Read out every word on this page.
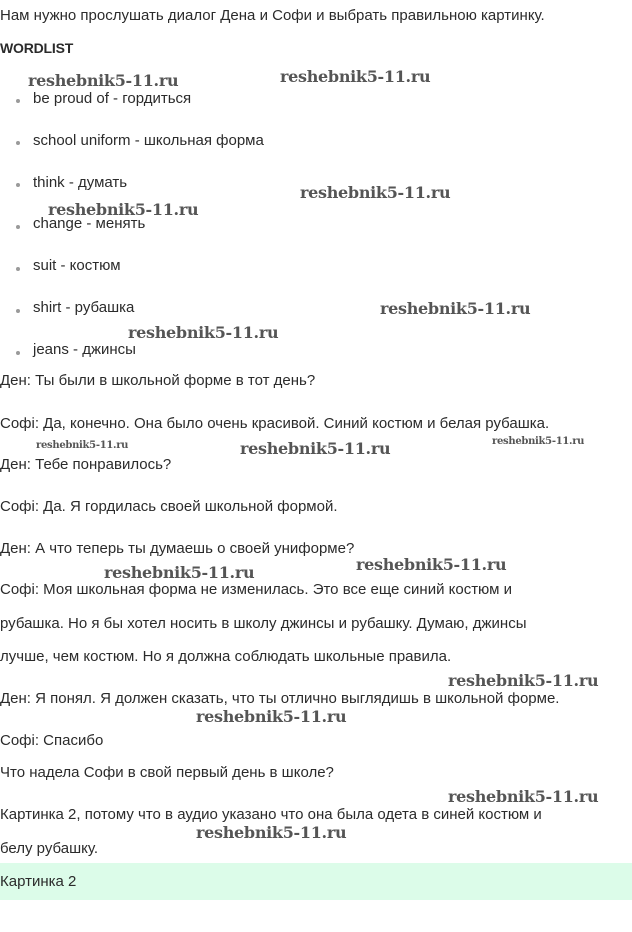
Нам нужно прослушать диалог Дена и Софи и выбрать правильною картинку.
WORDLIST
be proud of - гордиться
school uniform - школьная форма
think - думать
change - менять
suit - костюм
shirt - рубашка
jeans - джинсы
Ден: Ты были в школьной форме в тот день?
Софі: Да, конечно. Она было очень красивой. Синий костюм и белая рубашка.
Ден: Тебе понравилось?
Софі: Да. Я гордилась своей школьной формой.
Ден: А что теперь ты думаешь о своей униформе?
Софі: Моя школьная форма не изменилась. Это все еще синий костюм и
рубашка. Но я бы хотел носить в школу джинсы и рубашку. Думаю, джинсы
лучше, чем костюм. Но я должна соблюдать школьные правила.
Ден: Я понял. Я должен сказать, что ты отлично выглядишь в школьной форме.
Софі: Спасибо
Что надела Софи в свой первый день в школе?
Картинка 2, потому что в аудио указано что она была одета в синей костюм и
белу рубашку.
Картинка 2
reshebnik5-11.ru	reshebnik5-11.ru
reshebnik5-11.ru
reshebnik5-11.ru
reshebnik5-11.ru
reshebnik5-11.ru
reshebnik5-11.ru	reshebnik5-11.ru	reshebnik5-11.ru
reshebnik5-11.ru
reshebnik5-11.ru
reshebnik5-11.ru
reshebnik5-11.ru
reshebnik5-11.ru
reshebnik5-11.ru
